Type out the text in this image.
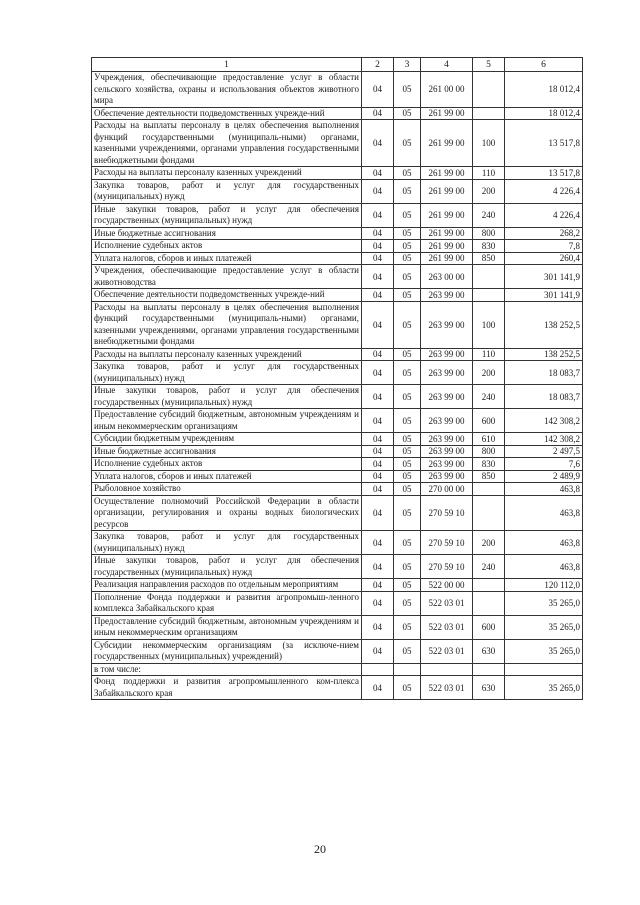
1	2	3	4	5	6
Учреждения, обеспечивающие предоставление услуг в области сельского хозяйства, охраны и использования объектов животного мира	04	05	261 00 00		18 012,4
Обеспечение деятельности подведомственных учрежде-ний	04	05	261 99 00		18 012,4
Расходы на выплаты персоналу в целях обеспечения выполнения функций государственными (муниципаль-ными) органами, казенными учреждениями, органами управления государственными внебюджетными фондами	04	05	261 99 00	100	13 517,8
Расходы на выплаты персоналу казенных учреждений	04	05	261 99 00	110	13 517,8
Закупка товаров, работ и услуг для государственных (муниципальных) нужд	04	05	261 99 00	200	4 226,4
Иные закупки товаров, работ и услуг для обеспечения государственных (муниципальных) нужд	04	05	261 99 00	240	4 226,4
Иные бюджетные ассигнования	04	05	261 99 00	800	268,2
Исполнение судебных актов	04	05	261 99 00	830	7,8
Уплата налогов, сборов и иных платежей	04	05	261 99 00	850	260,4
Учреждения, обеспечивающие предоставление услуг в области животноводства	04	05	263 00 00		301 141,9
Обеспечение деятельности подведомственных учрежде-ний	04	05	263 99 00		301 141,9
Расходы на выплаты персоналу в целях обеспечения выполнения функций государственными (муниципаль-ными) органами, казенными учреждениями, органами управления государственными внебюджетными фондами	04	05	263 99 00	100	138 252,5
Расходы на выплаты персоналу казенных учреждений	04	05	263 99 00	110	138 252,5
Закупка товаров, работ и услуг для государственных (муниципальных) нужд	04	05	263 99 00	200	18 083,7
Иные закупки товаров, работ и услуг для обеспечения государственных (муниципальных) нужд	04	05	263 99 00	240	18 083,7
Предоставление субсидий бюджетным, автономным учреждениям и иным некоммерческим организациям	04	05	263 99 00	600	142 308,2
Субсидии бюджетным учреждениям	04	05	263 99 00	610	142 308,2
Иные бюджетные ассигнования	04	05	263 99 00	800	2 497,5
Исполнение судебных актов	04	05	263 99 00	830	7,6
Уплата налогов, сборов и иных платежей	04	05	263 99 00	850	2 489,9
Рыболовное хозяйство	04	05	270 00 00		463,8
Осуществление полномочий Российской Федерации в области организации, регулирования и охраны водных биологических ресурсов	04	05	270 59 10		463,8
Закупка товаров, работ и услуг для государственных (муниципальных) нужд	04	05	270 59 10	200	463,8
Иные закупки товаров, работ и услуг для обеспечения государственных (муниципальных) нужд	04	05	270 59 10	240	463,8
Реализация направления расходов по отдельным мероприятиям	04	05	522 00 00		120 112,0
Пополнение Фонда поддержки и развития агропромыш-ленного комплекса Забайкальского края	04	05	522 03 01		35 265,0
Предоставление субсидий бюджетным, автономным учреждениям и иным некоммерческим организациям	04	05	522 03 01	600	35 265,0
Субсидии некоммерческим организациям (за исключе-нием государственных (муниципальных) учреждений)	04	05	522 03 01	630	35 265,0
в том числе:					
Фонд поддержки и развития агропромышленного ком-плекса Забайкальского края	04	05	522 03 01	630	35 265,0
20
